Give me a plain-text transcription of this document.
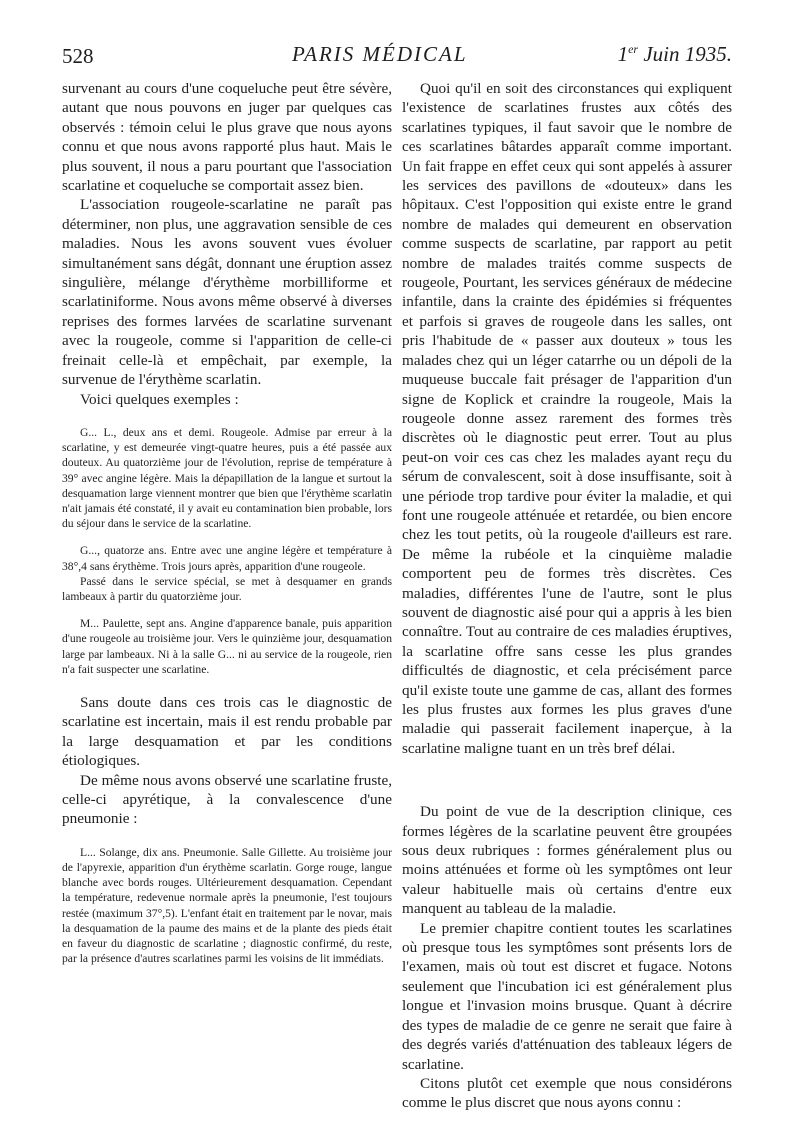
528	PARIS MÉDICAL	1er Juin 1935.

survenant au cours d'une coqueluche peut être sévère, autant que nous pouvons en juger par quelques cas observés : témoin celui le plus grave que nous ayons connu et que nous avons rapporté plus haut. Mais le plus souvent, il nous a paru pourtant que l'association scarlatine et coqueluche se comportait assez bien.

L'association rougeole-scarlatine ne paraît pas déterminer, non plus, une aggravation sensible de ces maladies. Nous les avons souvent vues évoluer simultanément sans dégât, donnant une éruption assez singulière, mélange d'érythème morbilliforme et scarlatiniforme. Nous avons même observé à diverses reprises des formes larvées de scarlatine survenant avec la rougeole, comme si l'apparition de celle-ci freinait celle-là et empêchait, par exemple, la survenue de l'érythème scarlatin.

Voici quelques exemples :

G... L., deux ans et demi. Rougeole. Admise par erreur à la scarlatine, y est demeurée vingt-quatre heures, puis a été passée aux douteux. Au quatorzième jour de l'évolution, reprise de température à 39° avec angine légère. Mais la dépapillation de la langue et surtout la desquamation large viennent montrer que bien que l'érythème scarlatin n'ait jamais été constaté, il y avait eu contamination bien probable, lors du séjour dans le service de la scarlatine.

G..., quatorze ans. Entre avec une angine légère et température à 38°,4 sans érythème. Trois jours après, apparition d'une rougeole.

Passé dans le service spécial, se met à desquamer en grands lambeaux à partir du quatorzième jour.

M... Paulette, sept ans. Angine d'apparence banale, puis apparition d'une rougeole au troisième jour. Vers le quinzième jour, desquamation large par lambeaux. Ni à la salle G... ni au service de la rougeole, rien n'a fait suspecter une scarlatine.

Sans doute dans ces trois cas le diagnostic de scarlatine est incertain, mais il est rendu probable par la large desquamation et par les conditions étiologiques.

De même nous avons observé une scarlatine fruste, celle-ci apyrétique, à la convalescence d'une pneumonie :

L... Solange, dix ans. Pneumonie. Salle Gillette. Au troisième jour de l'apyrexie, apparition d'un érythème scarlatin. Gorge rouge, langue blanche avec bords rouges. Ultérieurement desquamation. Cependant la température, redevenue normale après la pneumonie, l'est toujours restée (maximum 37°,5). L'enfant était en traitement par le novar, mais la desquamation de la paume des mains et de la plante des pieds était en faveur du diagnostic de scarlatine ; diagnostic confirmé, du reste, par la présence d'autres scarlatines parmi les voisins de lit immédiats.

Quoi qu'il en soit des circonstances qui expliquent l'existence de scarlatines frustes aux côtés des scarlatines typiques, il faut savoir que le nombre de ces scarlatines bâtardes apparaît comme important. Un fait frappe en effet ceux qui sont appelés à assurer les services des pavillons de «douteux» dans les hôpitaux. C'est l'opposition qui existe entre le grand nombre de malades qui demeurent en observation comme suspects de scarlatine, par rapport au petit nombre de malades traités comme suspects de rougeole, Pourtant, les services généraux de médecine infantile, dans la crainte des épidémies si fréquentes et parfois si graves de rougeole dans les salles, ont pris l'habitude de « passer aux douteux » tous les malades chez qui un léger catarrhe ou un dépoli de la muqueuse buccale fait présager de l'apparition d'un signe de Koplick et craindre la rougeole, Mais la rougeole donne assez rarement des formes très discrètes où le diagnostic peut errer. Tout au plus peut-on voir ces cas chez les malades ayant reçu du sérum de convalescent, soit à dose insuffisante, soit à une période trop tardive pour éviter la maladie, et qui font une rougeole atténuée et retardée, ou bien encore chez les tout petits, où la rougeole d'ailleurs est rare. De même la rubéole et la cinquième maladie comportent peu de formes très discrètes. Ces maladies, différentes l'une de l'autre, sont le plus souvent de diagnostic aisé pour qui a appris à les bien connaître. Tout au contraire de ces maladies éruptives, la scarlatine offre sans cesse les plus grandes difficultés de diagnostic, et cela précisément parce qu'il existe toute une gamme de cas, allant des formes les plus frustes aux formes les plus graves d'une maladie qui passerait facilement inaperçue, à la scarlatine maligne tuant en un très bref délai.

Du point de vue de la description clinique, ces formes légères de la scarlatine peuvent être groupées sous deux rubriques : formes généralement plus ou moins atténuées et forme où les symptômes ont leur valeur habituelle mais où certains d'entre eux manquent au tableau de la maladie.

Le premier chapitre contient toutes les scarlatines où presque tous les symptômes sont présents lors de l'examen, mais où tout est discret et fugace. Notons seulement que l'incubation ici est généralement plus longue et l'invasion moins brusque. Quant à décrire des types de maladie de ce genre ne serait que faire à des degrés variés d'atténuation des tableaux légers de scarlatine.

Citons plutôt cet exemple que nous considérons comme le plus discret que nous ayons connu :
